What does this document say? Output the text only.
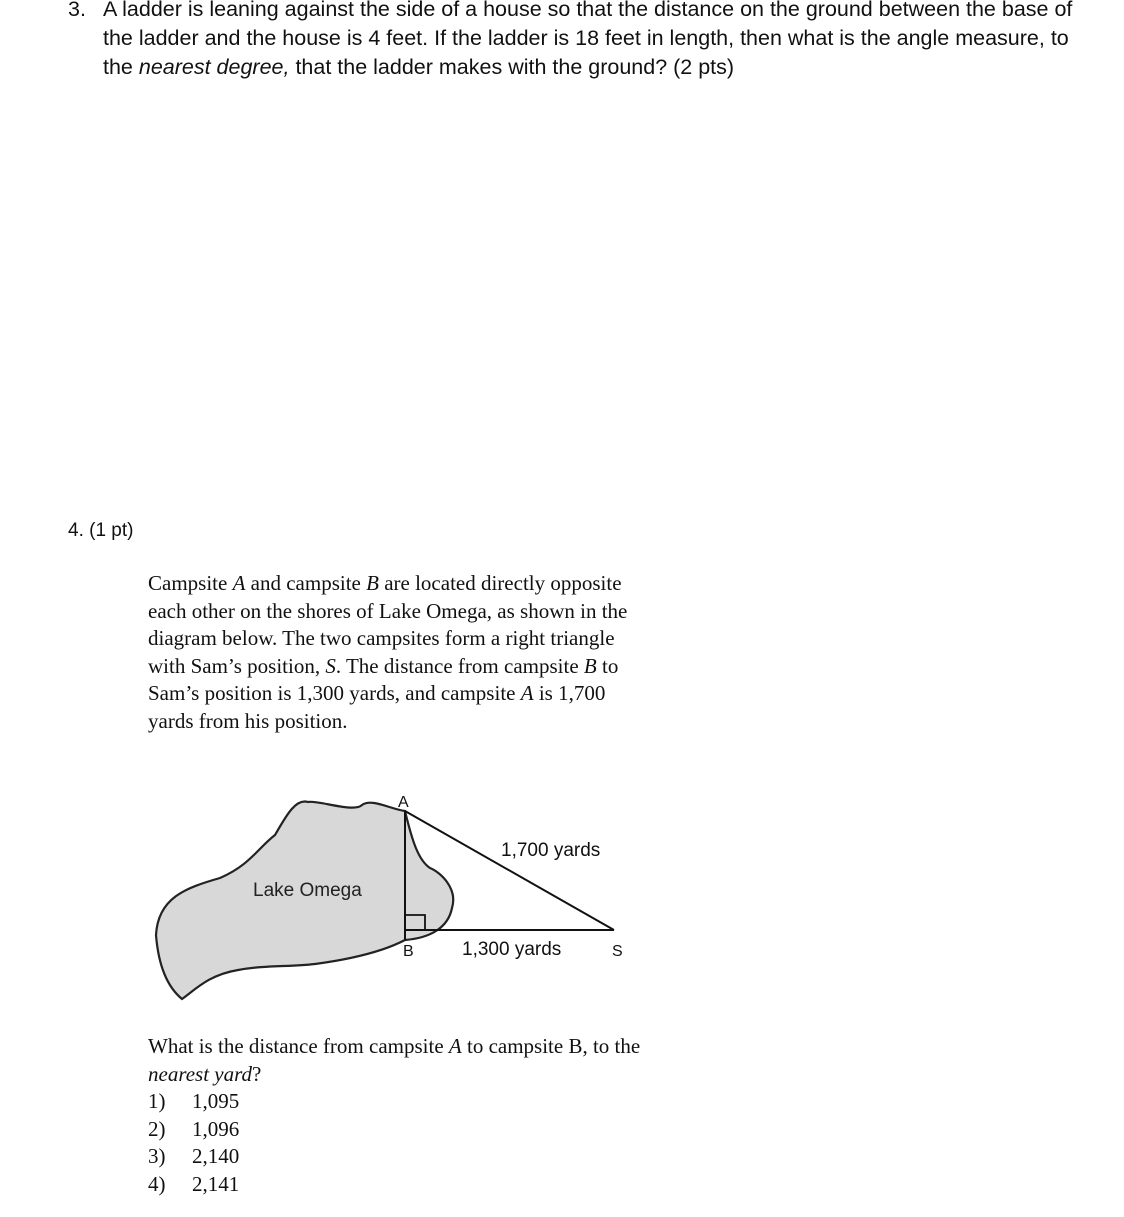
3. A ladder is leaning against the side of a house so that the distance on the ground between the base of the ladder and the house is 4 feet. If the ladder is 18 feet in length, then what is the angle measure, to the nearest degree, that the ladder makes with the ground? (2 pts)
4. (1 pt)
Campsite A and campsite B are located directly opposite each other on the shores of Lake Omega, as shown in the diagram below. The two campsites form a right triangle with Sam’s position, S. The distance from campsite B to Sam’s position is 1,300 yards, and campsite A is 1,700 yards from his position.
Lake Omega
A
B	S
1,700 yards
1,300 yards
What is the distance from campsite A to campsite B, to the nearest yard?
1) 1,095
2) 1,096
3) 2,140
4) 2,141
